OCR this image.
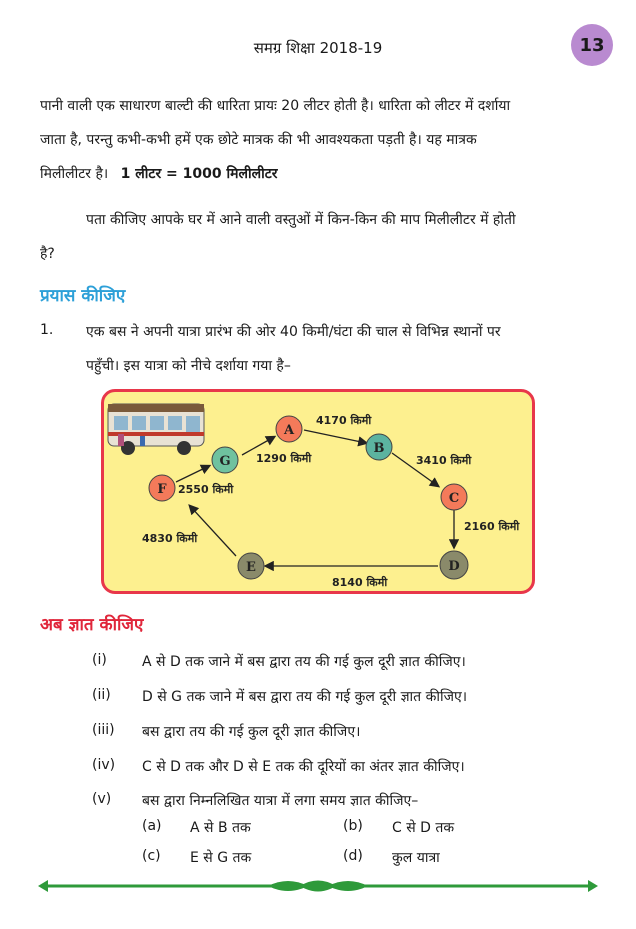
समग्र शिक्षा 2018-19	13
पानी वाली एक साधारण बाल्टी की धारिता प्रायः 20 लीटर होती है। धारिता को लीटर में दर्शाया
जाता है, परन्तु कभी-कभी हमें एक छोटे मात्रक की भी आवश्यकता पड़ती है। यह मात्रक
मिलीलीटर है। 1 लीटर = 1000 मिलीलीटर
पता कीजिए आपके घर में आने वाली वस्तुओं में किन-किन की माप मिलीलीटर में होती
है?
प्रयास कीजिए
1. एक बस ने अपनी यात्रा प्रारंभ की ओर 40 किमी/घंटा की चाल से विभिन्न स्थानों पर
पहुँची। इस यात्रा को नीचे दर्शाया गया है–
A
B
C
D
E
F
G
4170 किमी
3410 किमी
2160 किमी
8140 किमी
4830 किमी
2550 किमी
1290 किमी
अब ज्ञात कीजिए
(i)	A से D तक जाने में बस द्वारा तय की गई कुल दूरी ज्ञात कीजिए।
(ii)	D से G तक जाने में बस द्वारा तय की गई कुल दूरी ज्ञात कीजिए।
(iii)	बस द्वारा तय की गई कुल दूरी ज्ञात कीजिए।
(iv)	C से D तक और D से E तक की दूरियों का अंतर ज्ञात कीजिए।
(v)	बस द्वारा निम्नलिखित यात्रा में लगा समय ज्ञात कीजिए–
(a) A से B तक	(b) C से D तक
(c) E से G तक	(d) कुल यात्रा
